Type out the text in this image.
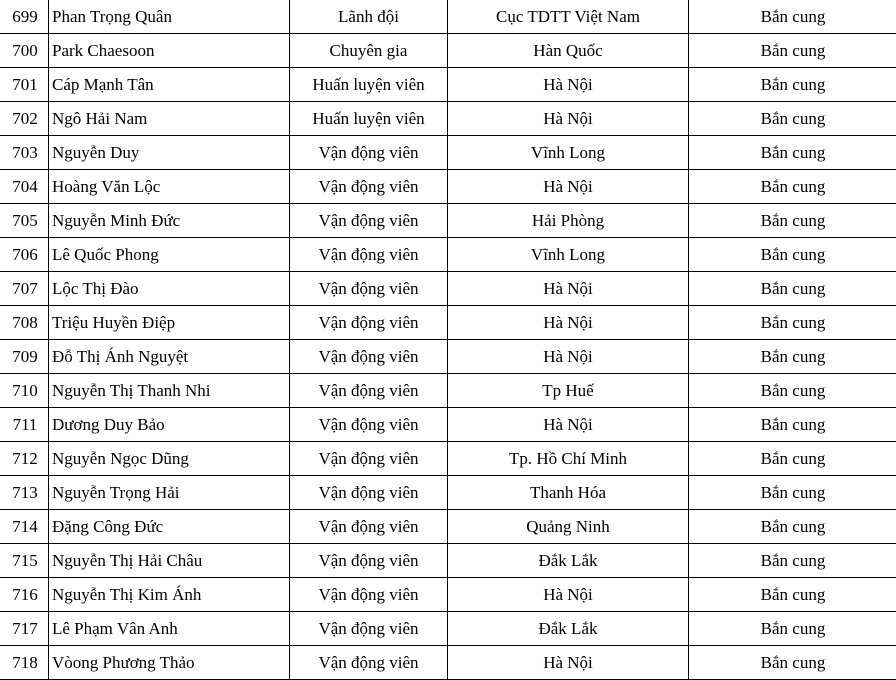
699	Phan Trọng Quân	Lãnh đội	Cục TDTT Việt Nam	Bắn cung
700	Park Chaesoon	Chuyên gia	Hàn Quốc	Bắn cung
701	Cáp Mạnh Tân	Huấn luyện viên	Hà Nội	Bắn cung
702	Ngô Hải Nam	Huấn luyện viên	Hà Nội	Bắn cung
703	Nguyễn Duy	Vận động viên	Vĩnh Long	Bắn cung
704	Hoàng Văn Lộc	Vận động viên	Hà Nội	Bắn cung
705	Nguyễn Minh Đức	Vận động viên	Hải Phòng	Bắn cung
706	Lê Quốc Phong	Vận động viên	Vĩnh Long	Bắn cung
707	Lộc Thị Đào	Vận động viên	Hà Nội	Bắn cung
708	Triệu Huyền Điệp	Vận động viên	Hà Nội	Bắn cung
709	Đỗ Thị Ánh Nguyệt	Vận động viên	Hà Nội	Bắn cung
710	Nguyễn Thị Thanh Nhi	Vận động viên	Tp Huế	Bắn cung
711	Dương Duy Bảo	Vận động viên	Hà Nội	Bắn cung
712	Nguyễn Ngọc Dũng	Vận động viên	Tp. Hồ Chí Minh	Bắn cung
713	Nguyễn Trọng Hải	Vận động viên	Thanh Hóa	Bắn cung
714	Đặng Công Đức	Vận động viên	Quảng Ninh	Bắn cung
715	Nguyễn Thị Hải Châu	Vận động viên	Đắk Lắk	Bắn cung
716	Nguyễn Thị Kim Ánh	Vận động viên	Hà Nội	Bắn cung
717	Lê Phạm Vân Anh	Vận động viên	Đắk Lắk	Bắn cung
718	Vòong Phương Thảo	Vận động viên	Hà Nội	Bắn cung
